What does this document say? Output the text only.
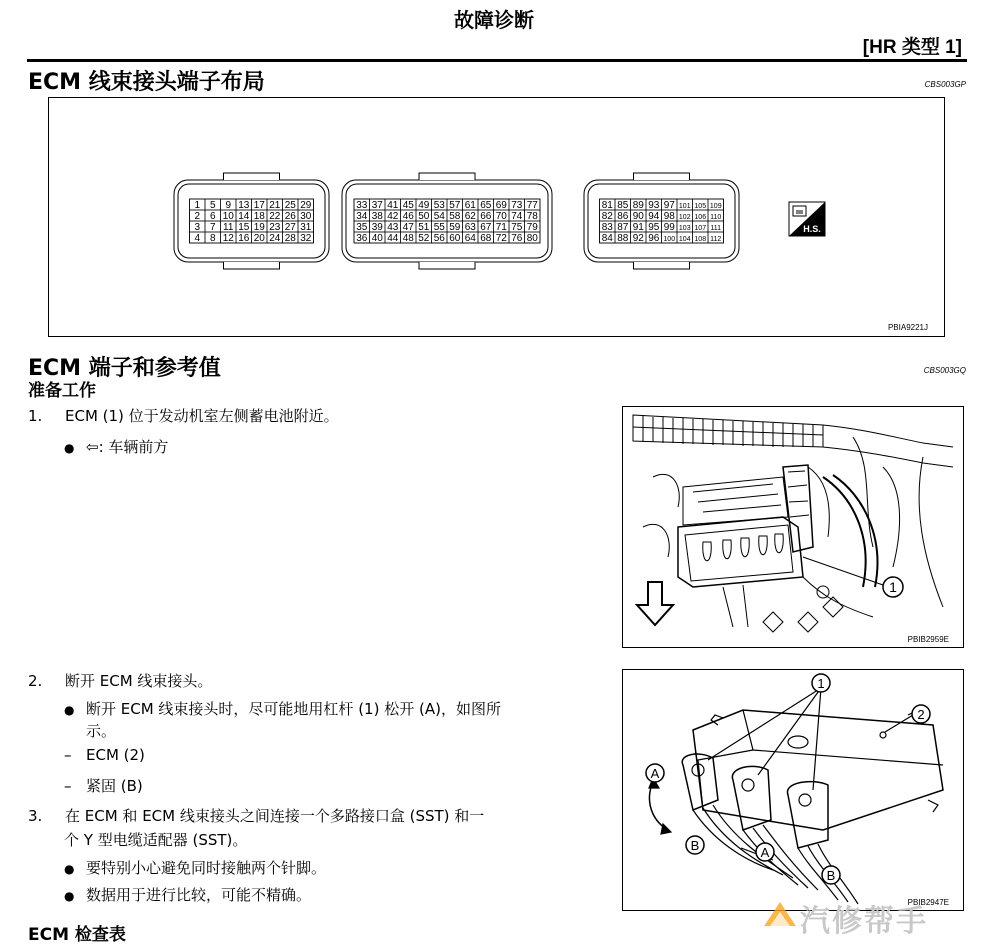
故障诊断
[HR 类型 1]
ECM 线束接头端子布局	CBS003GP
1 5 9 13 17 21 25 29
2 6 10 14 18 22 26 30
3 7 11 15 19 23 27 31
4 8 12 16 20 24 28 32
33 37 41 45 49 53 57 61 65 69 73 77
34 38 42 46 50 54 58 62 66 70 74 78
35 39 43 47 51 55 59 63 67 71 75 79
36 40 44 48 52 56 60 64 68 72 76 80
81 85 89 93 97 101 105 109
82 86 90 94 98 102 106 110
83 87 91 95 99 103 107 111
84 88 92 96 100 104 108 112
H.S.
PBIA9221J
ECM 端子和参考值	CBS003GQ
准备工作
1. ECM (1) 位于发动机室左侧蓄电池附近。
● ⇦: 车辆前方
1
PBIB2959E
2. 断开 ECM 线束接头。
● 断开 ECM 线束接头时，尽可能地用杠杆 (1) 松开 (A)，如图所
示。
– ECM (2)
– 紧固 (B)
3. 在 ECM 和 ECM 线束接头之间连接一个多路接口盒 (SST) 和一
个 Y 型电缆适配器 (SST)。
● 要特别小心避免同时接触两个针脚。
● 数据用于进行比较，可能不精确。
1
2
A
B	A
B
PBIB2947E
ECM 检查表	汽修帮手
